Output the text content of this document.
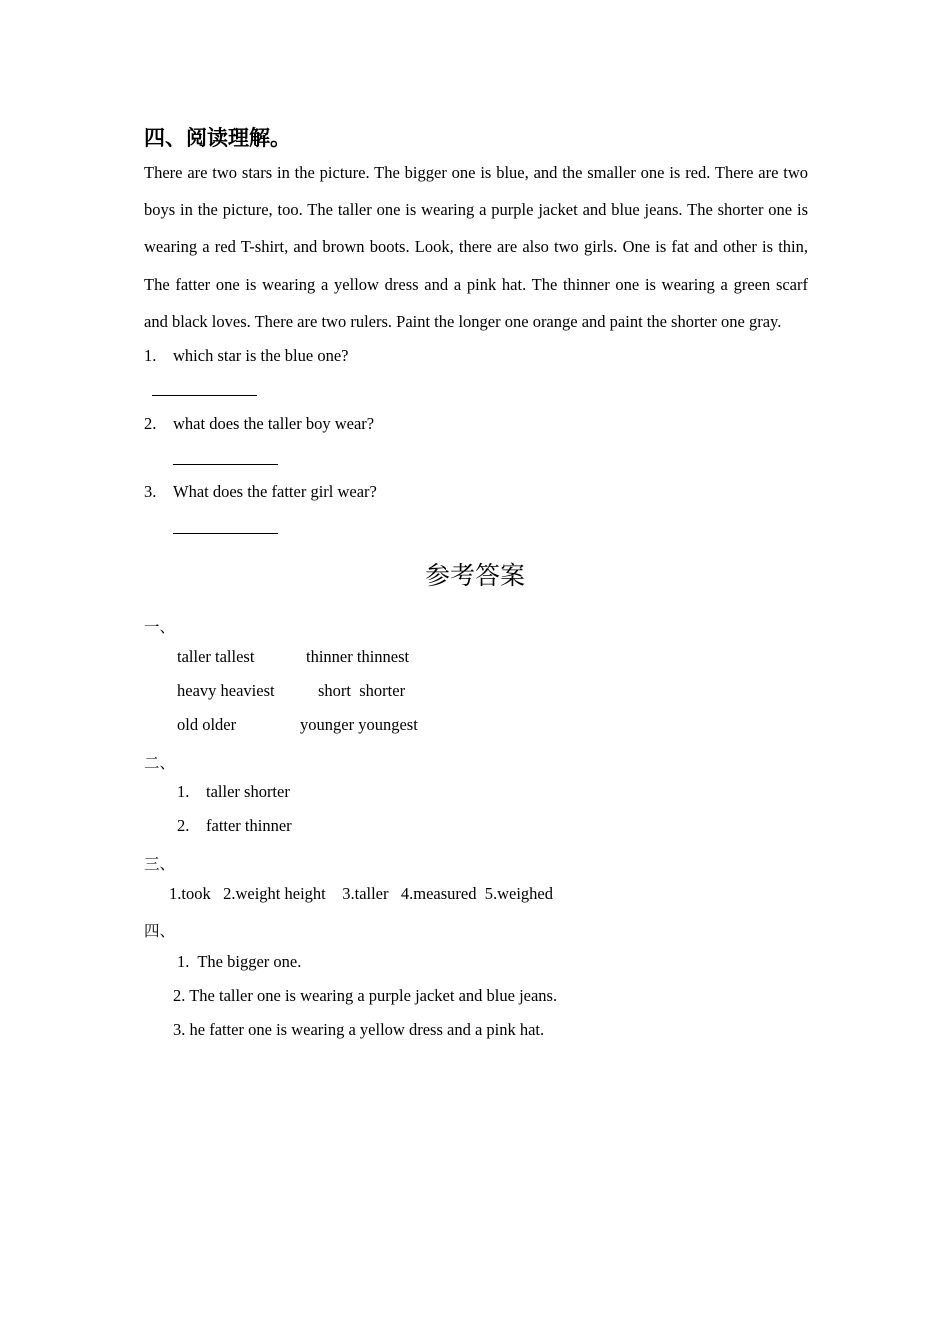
四、阅读理解。
There are two stars in the picture. The bigger one is blue, and the smaller one is red. There are two
boys in the picture, too. The taller one is wearing a purple jacket and blue jeans. The shorter one is
wearing a red T-shirt, and brown boots. Look, there are also two girls. One is fat and other is thin,
The fatter one is wearing a yellow dress and a pink hat. The thinner one is wearing a green scarf
and black loves. There are two rulers. Paint the longer one orange and paint the shorter one gray.
1. which star is the blue one?
2. what does the taller boy wear?
3. What does the fatter girl wear?
参考答案
一、
taller tallest	thinner thinnest
heavy heaviest	short  shorter
old older	younger youngest
二、
1. taller shorter
2. fatter thinner
三、
1.took   2.weight height    3.taller   4.measured  5.weighed
四、
1.  The bigger one.
2. The taller one is wearing a purple jacket and blue jeans.
3. he fatter one is wearing a yellow dress and a pink hat.
